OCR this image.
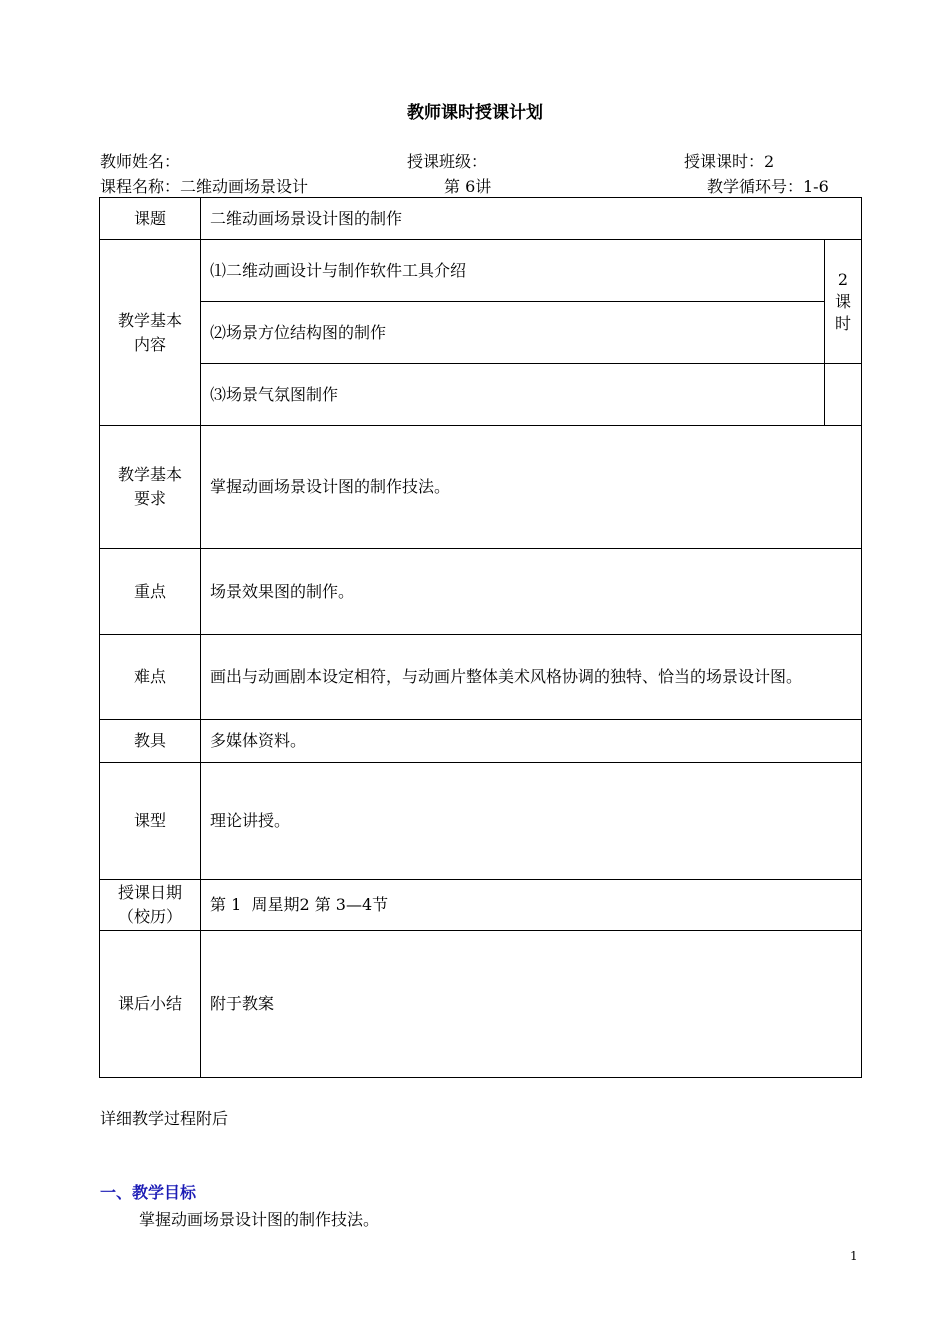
教师课时授课计划
教师姓名：	授课班级：	授课课时：2
课程名称：二维动画场景设计	第 6讲	教学循环号：1-6
课题	二维动画场景设计图的制作	

教学基本内容	⑴二维动画设计与制作软件工具介绍	2
课
时

	⑵场景方位结构图的制作	
	⑶场景气氛图制作	

教学基本要求	掌握动画场景设计图的制作技法。	
重点	场景效果图的制作。	
难点	画出与动画剧本设定相符，与动画片整体美术风格协调的独特、恰当的场景设计图。	
教具	多媒体资料。	
课型	理论讲授。	

授课日期
（校历）	第 1  周星期2 第 3—4节	
课后小结	附于教案	
详细教学过程附后
一、教学目标
掌握动画场景设计图的制作技法。
1
